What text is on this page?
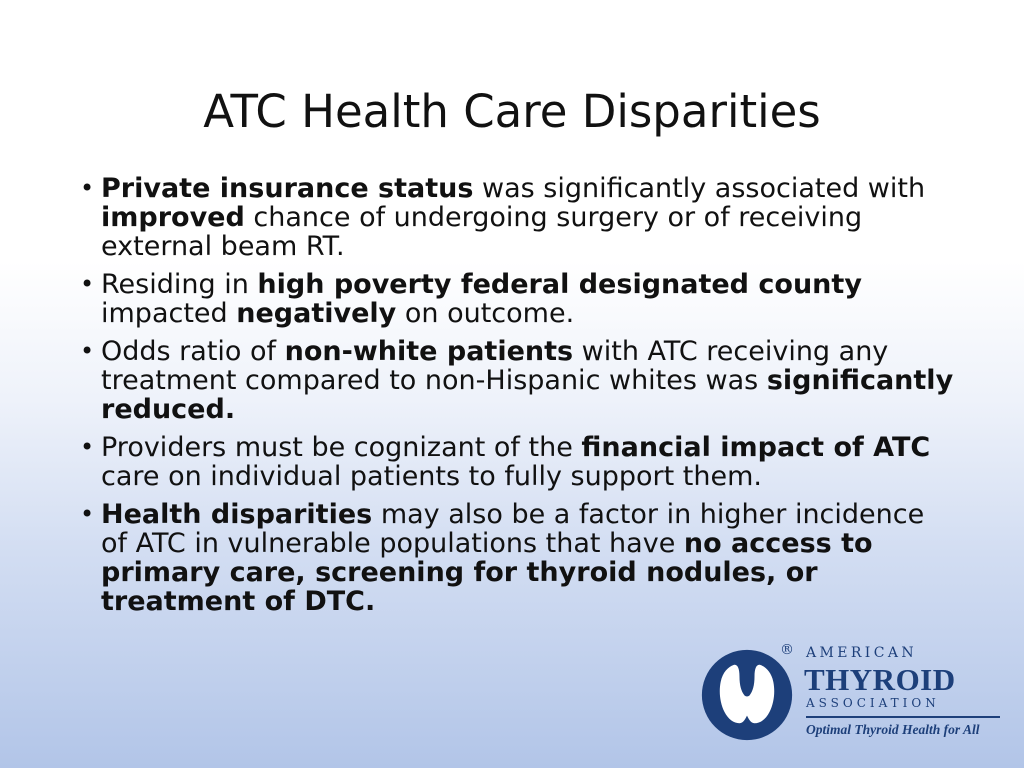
ATC Health Care Disparities
• Private insurance status was significantly associated with improved chance of undergoing surgery or of receiving external beam RT.
• Residing in high poverty federal designated county impacted negatively on outcome.
• Odds ratio of non-white patients with ATC receiving any treatment compared to non-Hispanic whites was significantly reduced.
• Providers must be cognizant of the financial impact of ATC care on individual patients to fully support them.
• Health disparities may also be a factor in higher incidence of ATC in vulnerable populations that have no access to primary care, screening for thyroid nodules, or treatment of DTC.
® AMERICAN
THYROID
ASSOCIATION
Optimal Thyroid Health for All
